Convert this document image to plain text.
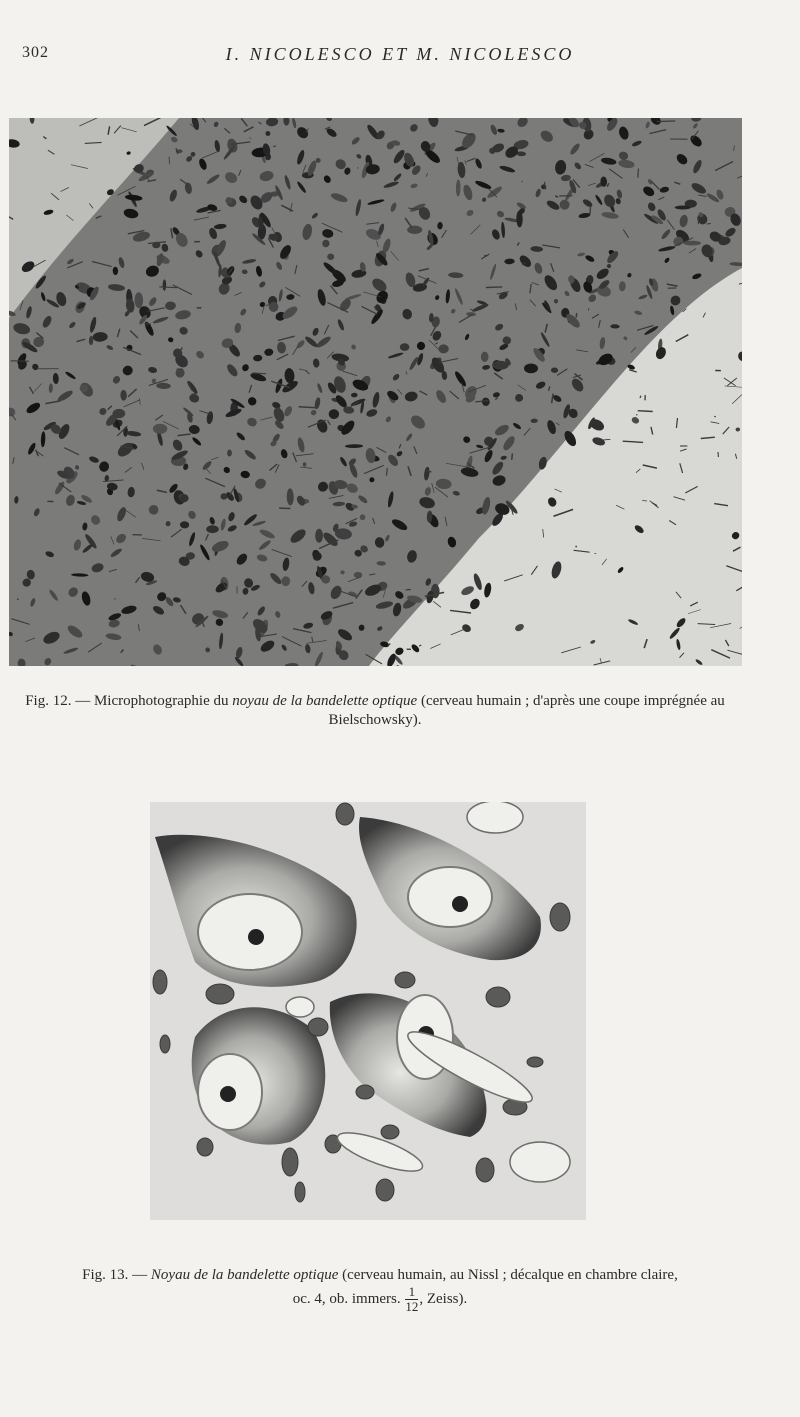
302	I. NICOLESCO ET M. NICOLESCO
Fig. 12. — Microphotographie du noyau de la bandelette optique (cerveau humain ; d'après une coupe imprégnée au Bielschowsky).
Fig. 13. — Noyau de la bandelette optique (cerveau humain, au Nissl ; décalque en chambre claire,
oc. 4, ob. immers. $\frac{1}{12}$ , Zeiss).
